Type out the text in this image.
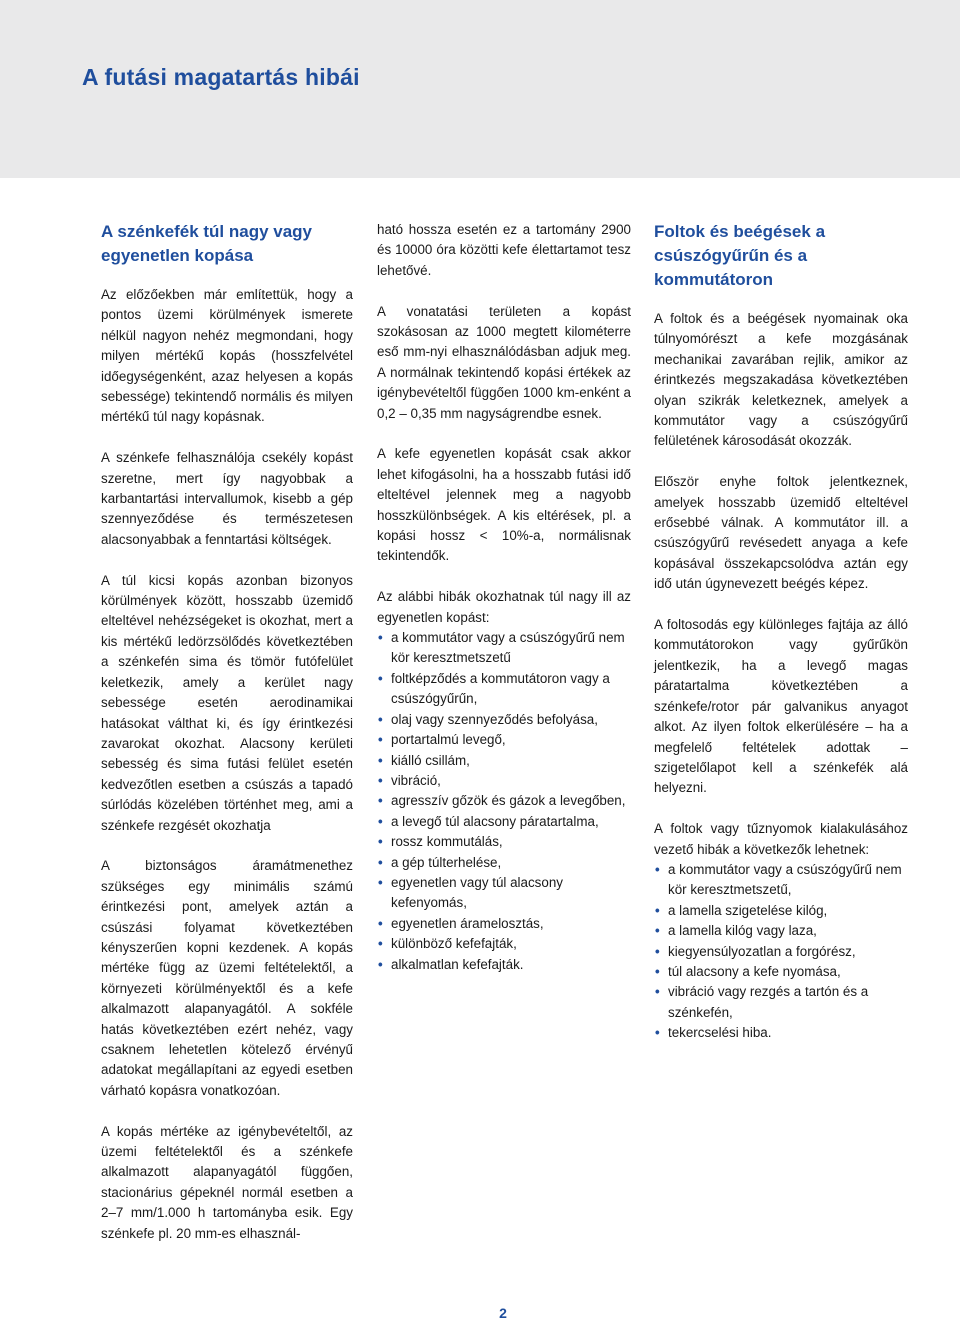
A futási magatartás hibái
A szénkefék túl nagy vagy egyenetlen kopása

Az előzőekben már említettük, hogy a pontos üzemi körülmények ismerete nélkül nagyon nehéz megmondani, hogy milyen mértékű kopás (hosszfelvétel időegységenként, azaz helyesen a kopás sebessége) tekintendő normális és milyen mértékű túl nagy kopásnak.

A szénkefe felhasználója csekély kopást szeretne, mert így nagyobbak a karbantartási intervallumok, kisebb a gép szennyeződése és természetesen alacsonyabbak a fenntartási költségek.

A túl kicsi kopás azonban bizonyos körülmények között, hosszabb üzemidő elteltével nehézségeket is okozhat, mert a kis mértékű ledörzsölődés következtében a szénkefén sima és tömör futófelület keletkezik, amely a kerület nagy sebessége esetén aerodinamikai hatásokat válthat ki, és így érintkezési zavarokat okozhat. Alacsony kerületi sebesség és sima futási felület esetén kedvezőtlen esetben a csúszás a tapadó súrlódás közelében történhet meg, ami a szénkefe rezgését okozhatja

A biztonságos áramátmenethez szükséges egy minimális számú érintkezési pont, amelyek aztán a csúszási folyamat következtében kényszerűen kopni kezdenek. A kopás mértéke függ az üzemi feltételektől, a környezeti körülményektől és a kefe alkalmazott alapanyagától. A sokféle hatás következtében ezért nehéz, vagy csaknem lehetetlen kötelező érvényű adatokat megállapítani az egyedi esetben várható kopásra vonatkozóan.

A kopás mértéke az igénybevételtől, az üzemi feltételektől és a szénkefe alkalmazott alapanyagától függően, stacionárius gépeknél normál esetben a 2–7 mm/1.000 h tartományba esik. Egy szénkefe pl. 20 mm-es elhasznál-

ható hossza esetén ez a tartomány 2900 és 10000 óra közötti kefe élettartamot tesz lehetővé.

A vonatatási területen a kopást szokásosan az 1000 megtett kilométerre eső mm-nyi elhasználódásban adjuk meg. A normálnak tekintendő kopási értékek az igénybevételtől függően 1000 km-enként a 0,2 – 0,35 mm nagyságrendbe esnek.

A kefe egyenetlen kopását csak akkor lehet kifogásolni, ha a hosszabb futási idő elteltével jelennek meg a nagyobb hosszkülönbségek. A kis eltérések, pl. a kopási hossz < 10%-a, normálisnak tekintendők.

Az alábbi hibák okozhatnak túl nagy ill az egyenetlen kopást:

• a kommutátor vagy a csúszógyűrű nem kör keresztmetszetű
• foltképződés a kommutátoron vagy a csúszógyűrűn,
• olaj vagy szennyeződés befolyása,
• portartalmú levegő,
• kiálló csillám,
• vibráció,
• agresszív gőzök és gázok a levegőben,
• a levegő túl alacsony páratartalma,
• rossz kommutálás,
• a gép túlterhelése,
• egyenetlen vagy túl alacsony kefenyomás,
• egyenetlen áramelosztás,
• különböző kefefajták,
• alkalmatlan kefefajták.
Foltok és beégések a csúszógyűrűn és a kommutátoron

A foltok és a beégések nyomainak oka túlnyomórészt a kefe mozgásának mechanikai zavarában rejlik, amikor az érintkezés megszakadása következtében olyan szikrák keletkeznek, amelyek a kommutátor vagy a csúszógyűrű felületének károsodását okozzák.

Először enyhe foltok jelentkeznek, amelyek hosszabb üzemidő elteltével erősebbé válnak. A kommutátor ill. a csúszógyűrű revésedett anyaga a kefe kopásával összekapcsolódva aztán egy idő után úgynevezett beégés képez.

A foltosodás egy különleges fajtája az álló kommutátorokon vagy gyűrűkön jelentkezik, ha a levegő magas páratartalma következtében a szénkefe/rotor pár galvanikus anyagot alkot. Az ilyen foltok elkerülésére – ha a megfelelő feltételek adottak – szigetelőlapot kell a szénkefék alá helyezni.

A foltok vagy tűznyomok kialakulásához vezető hibák a következők lehetnek:

• a kommutátor vagy a csúszógyűrű nem kör keresztmetszetű,
• a lamella szigetelése kilóg,
• a lamella kilóg vagy laza,
• kiegyensúlyozatlan a forgórész,
• túl alacsony a kefe nyomása,
• vibráció vagy rezgés a tartón és a szénkefén,
• tekercselési hiba.

2
